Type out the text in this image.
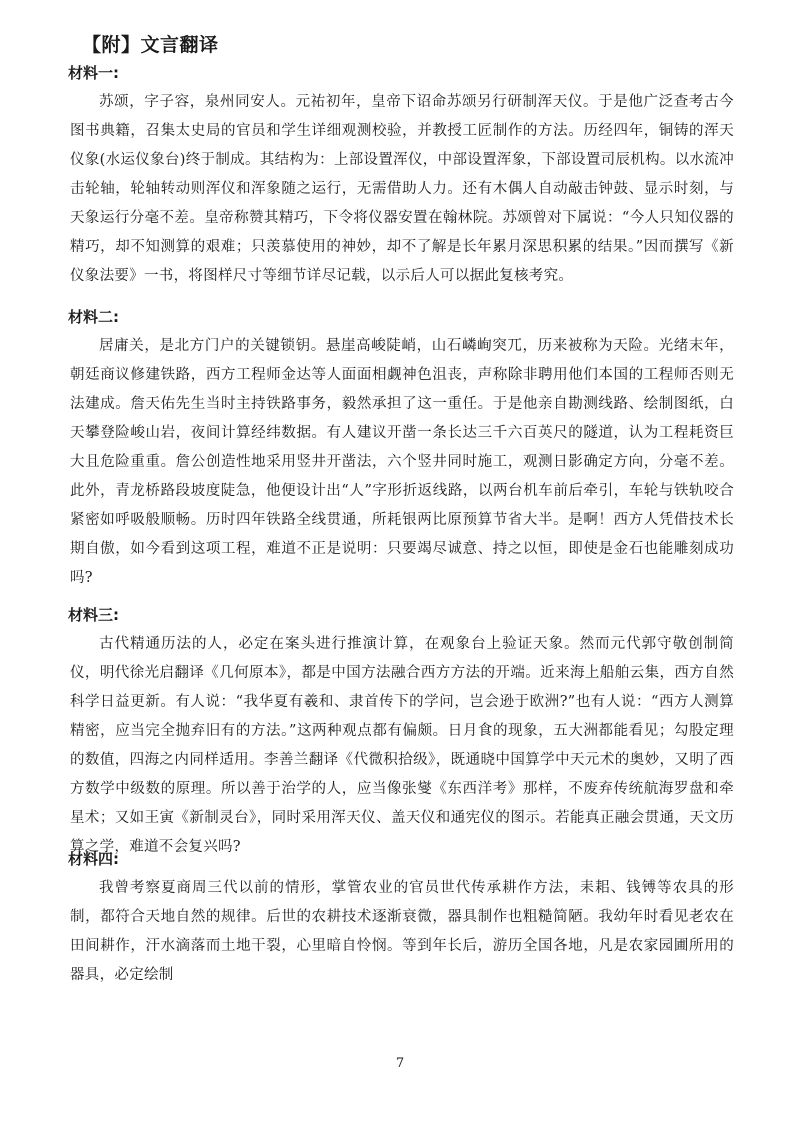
【附】文言翻译
材料一:

苏颂，字子容，泉州同安人。元祐初年，皇帝下诏命苏颂另行研制浑天仪。于是他广泛查考古今图书典籍，召集太史局的官员和学生详细观测校验，并教授工匠制作的方法。历经四年，铜铸的浑天仪象(水运仪象台)终于制成。其结构为：上部设置浑仪，中部设置浑象，下部设置司辰机构。以水流冲击轮轴，轮轴转动则浑仪和浑象随之运行，无需借助人力。还有木偶人自动敲击钟鼓、显示时刻，与天象运行分毫不差。皇帝称赞其精巧，下令将仪器安置在翰林院。苏颂曾对下属说：“今人只知仪器的精巧，却不知测算的艰难；只羡慕使用的神妙，却不了解是长年累月深思积累的结果。”因而撰写《新仪象法要》一书，将图样尺寸等细节详尽记载，以示后人可以据此复核考究。

材料二:

居庸关，是北方门户的关键锁钥。悬崖高峻陡峭，山石嶙峋突兀，历来被称为天险。光绪末年，朝廷商议修建铁路，西方工程师金达等人面面相觑神色沮丧，声称除非聘用他们本国的工程师否则无法建成。詹天佑先生当时主持铁路事务，毅然承担了这一重任。于是他亲自勘测线路、绘制图纸，白天攀登险峻山岩，夜间计算经纬数据。有人建议开凿一条长达三千六百英尺的隧道，认为工程耗资巨大且危险重重。詹公创造性地采用竖井开凿法，六个竖井同时施工，观测日影确定方向，分毫不差。此外，青龙桥路段坡度陡急，他便设计出“人”字形折返线路，以两台机车前后牵引，车轮与铁轨咬合紧密如呼吸般顺畅。历时四年铁路全线贯通，所耗银两比原预算节省大半。是啊！西方人凭借技术长期自傲，如今看到这项工程，难道不正是说明：只要竭尽诚意、持之以恒，即使是金石也能雕刻成功吗?

材料三:

古代精通历法的人，必定在案头进行推演计算，在观象台上验证天象。然而元代郭守敬创制简仪，明代徐光启翻译《几何原本》，都是中国方法融合西方方法的开端。近来海上船舶云集，西方自然科学日益更新。有人说：“我华夏有羲和、隶首传下的学问，岂会逊于欧洲?”也有人说：“西方人测算精密，应当完全抛弃旧有的方法。”这两种观点都有偏颇。日月食的现象，五大洲都能看见；勾股定理的数值，四海之内同样适用。李善兰翻译《代微积拾级》，既通晓中国算学中天元术的奥妙，又明了西方数学中级数的原理。所以善于治学的人，应当像张燮《东西洋考》那样，不废弃传统航海罗盘和牵星术；又如王寅《新制灵台》，同时采用浑天仪、盖天仪和通宪仪的图示。若能真正融会贯通，天文历算之学，难道不会复兴吗?

材料四:

我曾考察夏商周三代以前的情形，掌管农业的官员世代传承耕作方法，耒耜、钱镈等农具的形制，都符合天地自然的规律。后世的农耕技术逐渐衰微，器具制作也粗糙简陋。我幼年时看见老农在田间耕作，汗水滴落而土地干裂，心里暗自怜悯。等到年长后，游历全国各地，凡是农家园圃所用的器具，必定绘制

7
